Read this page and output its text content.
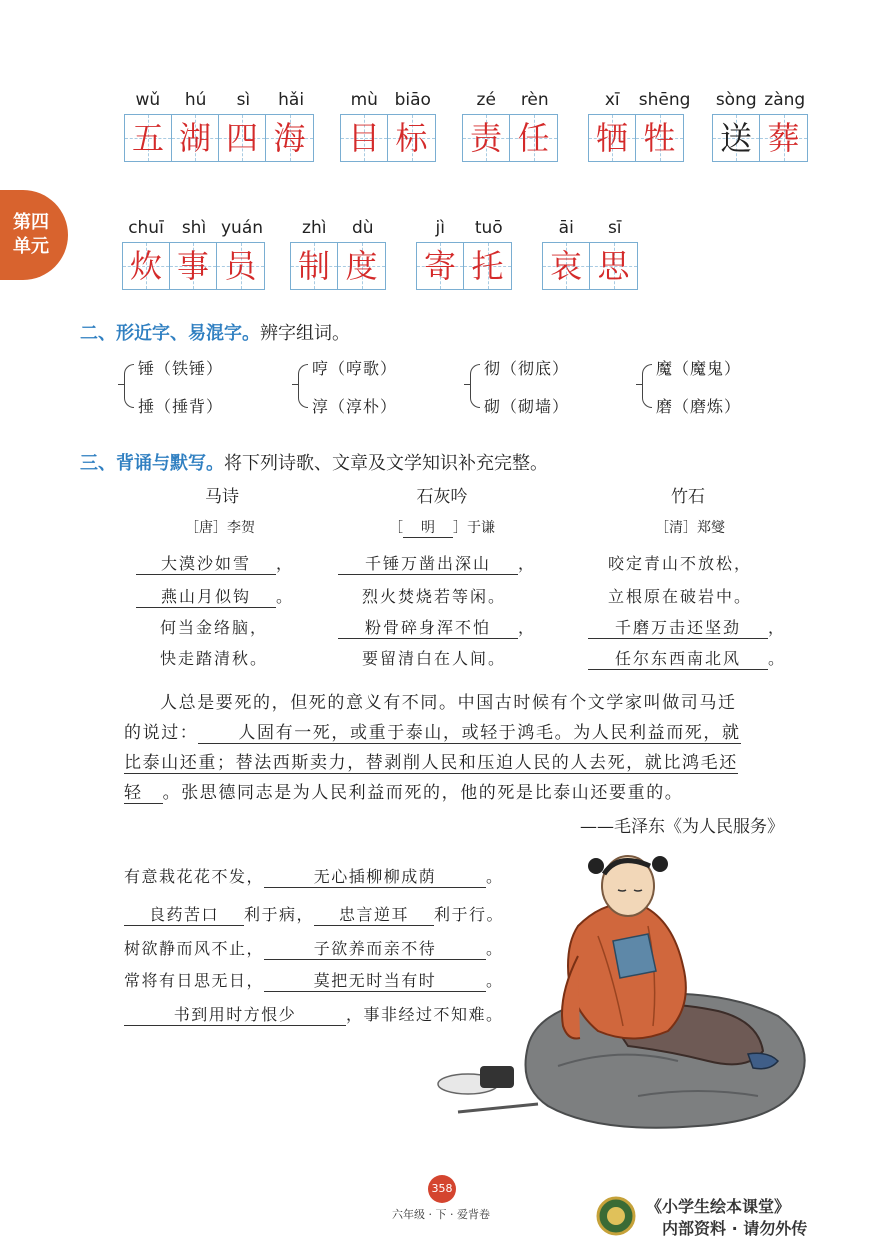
第四
单元
wǔ	hú	sì	hǎi
五 湖 四 海
mù biāo
目 标
zé	rèn
责 任
xī	shēng
牺 牲
sòng zàng
送 葬
chuī	shì yuán
炊 事 员
zhì	dù
制 度
jì	tuō
寄 托
āi	sī
哀 思
二、形近字、易混字。辨字组词。
锤（铁锤）
捶（捶背）
哼（哼歌）
淳（淳朴）
彻（彻底）
砌（砌墙）
魔（魔鬼）
磨（磨炼）
三、背诵与默写。将下列诗歌、文章及文学知识补充完整。
马诗	石灰吟	竹石
［唐］李贺	［ 明 ］于谦	［清］郑燮
大漠沙如雪 ，
燕山月似钩 。
何当金络脑，
快走踏清秋。
千锤万凿出深山 ，
烈火焚烧若等闲。
粉骨碎身浑不怕 ，
要留清白在人间。
咬定青山不放松，
立根原在破岩中。
千磨万击还坚劲 ，
任尔东西南北风 。
人总是要死的，但死的意义有不同。中国古时候有个文学家叫做司马迁
的说过： 人固有一死，或重于泰山，或轻于鸿毛。为人民利益而死，就
比泰山还重；替法西斯卖力，替剥削人民和压迫人民的人去死，就比鸿毛还
轻 。张思德同志是为人民利益而死的，他的死是比泰山还要重的。
——毛泽东《为人民服务》
有意栽花花不发，	无心插柳柳成荫	。
良药苦口 利于病， 忠言逆耳 利于行。
树欲静而风不止，	子欲养而亲不待	。
常将有日思无日，	莫把无时当有时	。
书到用时方恨少	，事非经过不知难。
358
六年级 · 下 · 爱背卷	《小学生绘本课堂》
内部资料 · 请勿外传
